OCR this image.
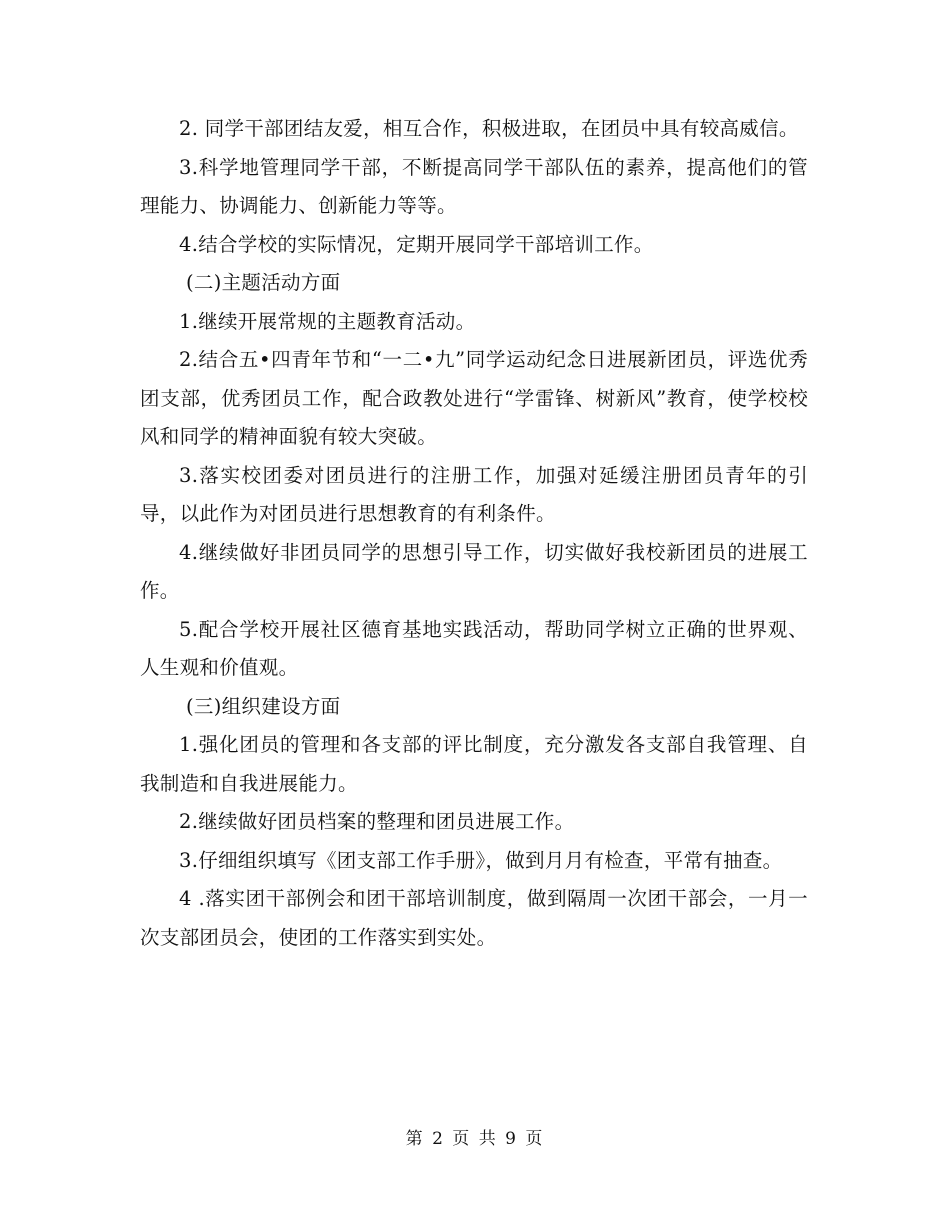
2. 同学干部团结友爱，相互合作，积极进取，在团员中具有较高威信。

3.科学地管理同学干部，不断提高同学干部队伍的素养，提高他们的管理能力、协调能力、创新能力等等。

4.结合学校的实际情况，定期开展同学干部培训工作。

(二)主题活动方面

1.继续开展常规的主题教育活动。

2.结合五•四青年节和“一二•九”同学运动纪念日进展新团员，评选优秀团支部，优秀团员工作，配合政教处进行“学雷锋、树新风”教育，使学校校风和同学的精神面貌有较大突破。

3.落实校团委对团员进行的注册工作，加强对延缓注册团员青年的引导，以此作为对团员进行思想教育的有利条件。

4.继续做好非团员同学的思想引导工作，切实做好我校新团员的进展工作。

5.配合学校开展社区德育基地实践活动，帮助同学树立正确的世界观、人生观和价值观。

(三)组织建设方面

1.强化团员的管理和各支部的评比制度，充分激发各支部自我管理、自我制造和自我进展能力。

2.继续做好团员档案的整理和团员进展工作。

3.仔细组织填写《团支部工作手册》，做到月月有检查，平常有抽查。

4 .落实团干部例会和团干部培训制度，做到隔周一次团干部会，一月一次支部团员会，使团的工作落实到实处。

第 2 页 共 9 页
